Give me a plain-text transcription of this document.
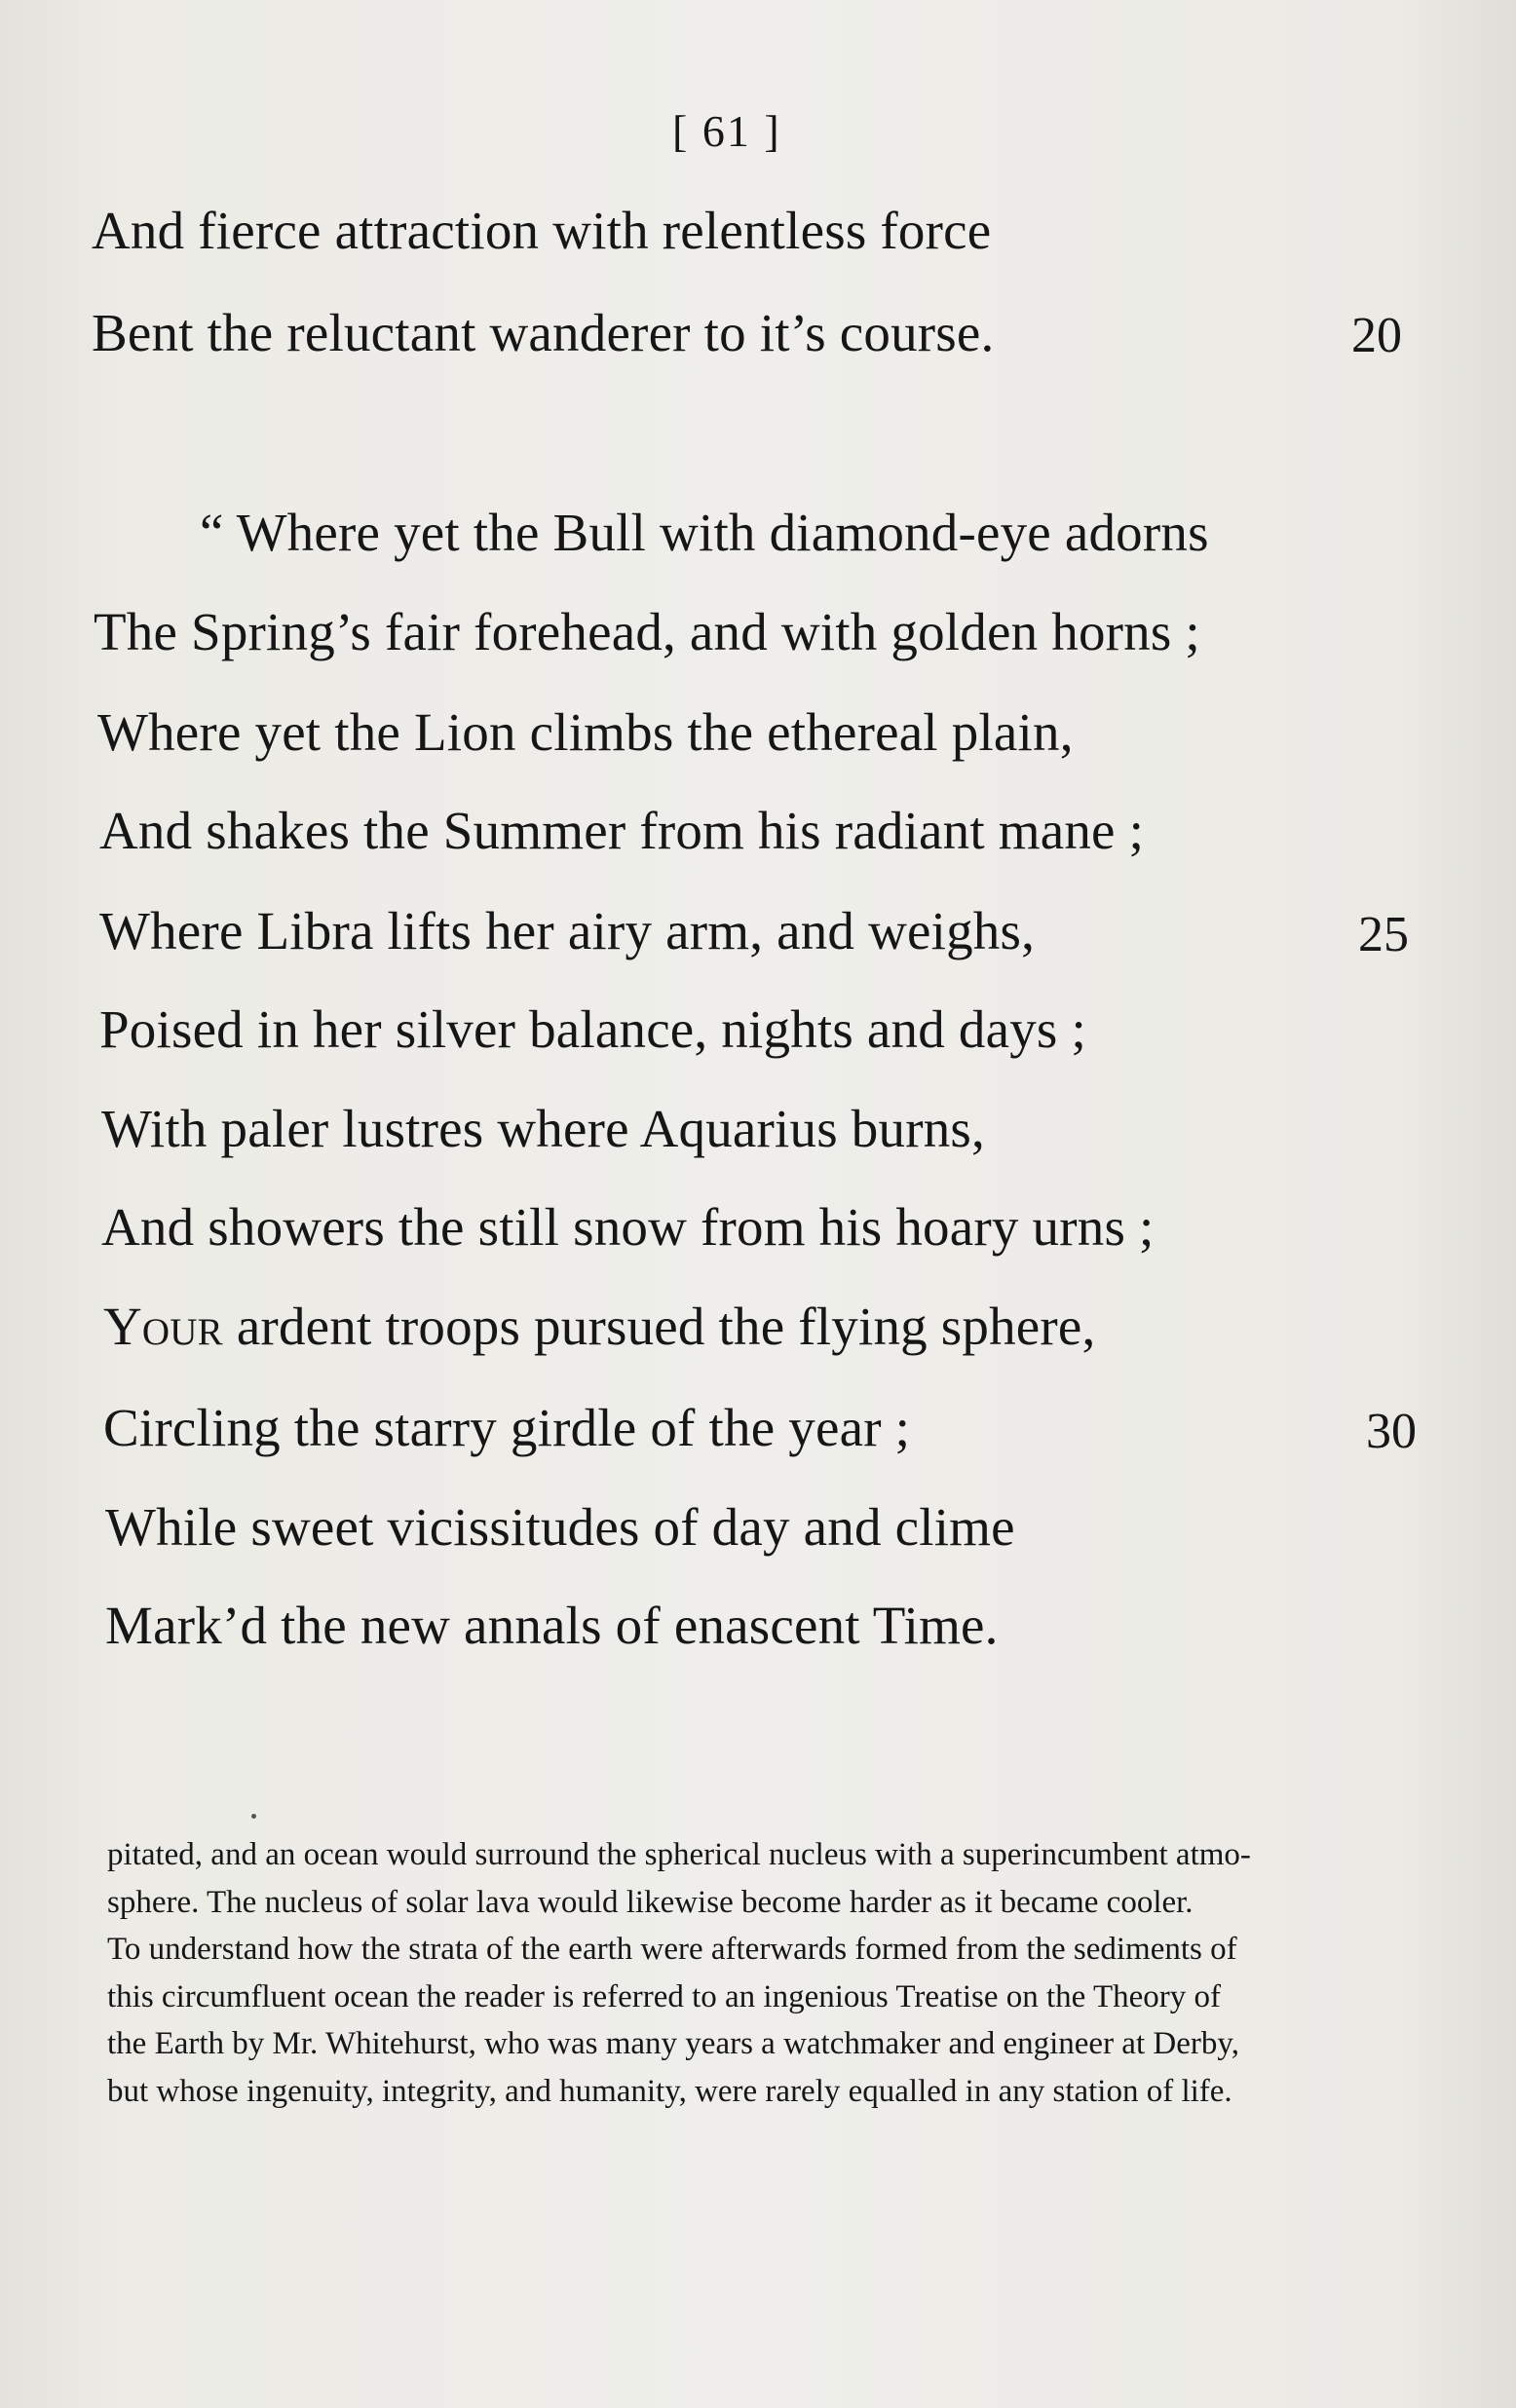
[ 61 ]
And fierce attraction with relentless force
Bent the reluctant wanderer to it’s course.	20
“ Where yet the Bull with diamond-eye adorns
The Spring’s fair forehead, and with golden horns ;
Where yet the Lion climbs the ethereal plain,
And shakes the Summer from his radiant mane ;
Where Libra lifts her airy arm, and weighs,	25
Poised in her silver balance, nights and days ;
With paler lustres where Aquarius burns,
And showers the still snow from his hoary urns ;
Your ardent troops pursued the flying sphere,
Circling the starry girdle of the year ;	30
While sweet vicissitudes of day and clime
Mark’d the new annals of enascent Time.
pitated, and an ocean would surround the spherical nucleus with a superincumbent atmo-
sphere. The nucleus of solar lava would likewise become harder as it became cooler.
To understand how the strata of the earth were afterwards formed from the sediments of
this circumfluent ocean the reader is referred to an ingenious Treatise on the Theory of
the Earth by Mr. Whitehurst, who was many years a watchmaker and engineer at Derby,
but whose ingenuity, integrity, and humanity, were rarely equalled in any station of life.
